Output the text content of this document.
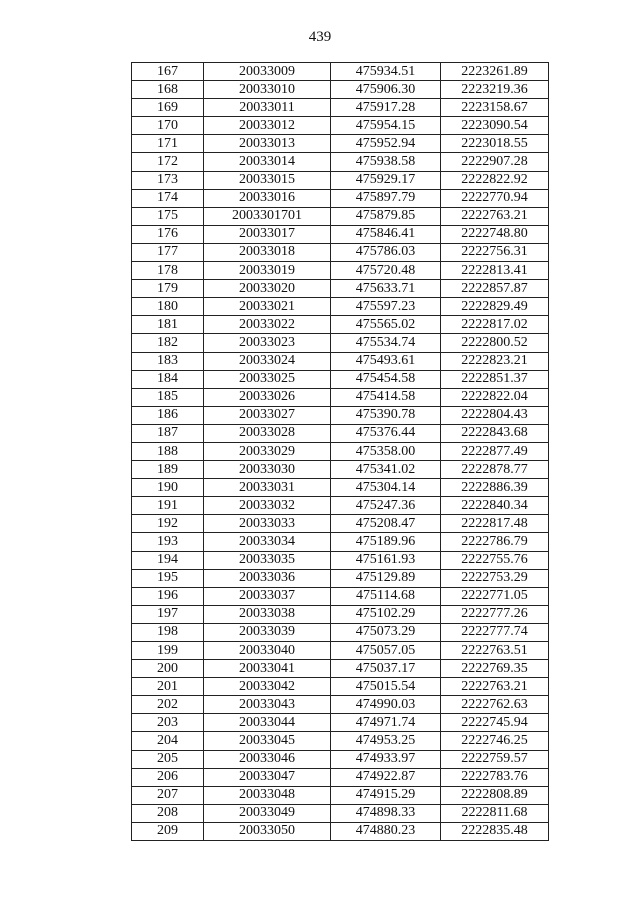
439
167	20033009	475934.51	2223261.89
168	20033010	475906.30	2223219.36
169	20033011	475917.28	2223158.67
170	20033012	475954.15	2223090.54
171	20033013	475952.94	2223018.55
172	20033014	475938.58	2222907.28
173	20033015	475929.17	2222822.92
174	20033016	475897.79	2222770.94
175	2003301701	475879.85	2222763.21
176	20033017	475846.41	2222748.80
177	20033018	475786.03	2222756.31
178	20033019	475720.48	2222813.41
179	20033020	475633.71	2222857.87
180	20033021	475597.23	2222829.49
181	20033022	475565.02	2222817.02
182	20033023	475534.74	2222800.52
183	20033024	475493.61	2222823.21
184	20033025	475454.58	2222851.37
185	20033026	475414.58	2222822.04
186	20033027	475390.78	2222804.43
187	20033028	475376.44	2222843.68
188	20033029	475358.00	2222877.49
189	20033030	475341.02	2222878.77
190	20033031	475304.14	2222886.39
191	20033032	475247.36	2222840.34
192	20033033	475208.47	2222817.48
193	20033034	475189.96	2222786.79
194	20033035	475161.93	2222755.76
195	20033036	475129.89	2222753.29
196	20033037	475114.68	2222771.05
197	20033038	475102.29	2222777.26
198	20033039	475073.29	2222777.74
199	20033040	475057.05	2222763.51
200	20033041	475037.17	2222769.35
201	20033042	475015.54	2222763.21
202	20033043	474990.03	2222762.63
203	20033044	474971.74	2222745.94
204	20033045	474953.25	2222746.25
205	20033046	474933.97	2222759.57
206	20033047	474922.87	2222783.76
207	20033048	474915.29	2222808.89
208	20033049	474898.33	2222811.68
209	20033050	474880.23	2222835.48
